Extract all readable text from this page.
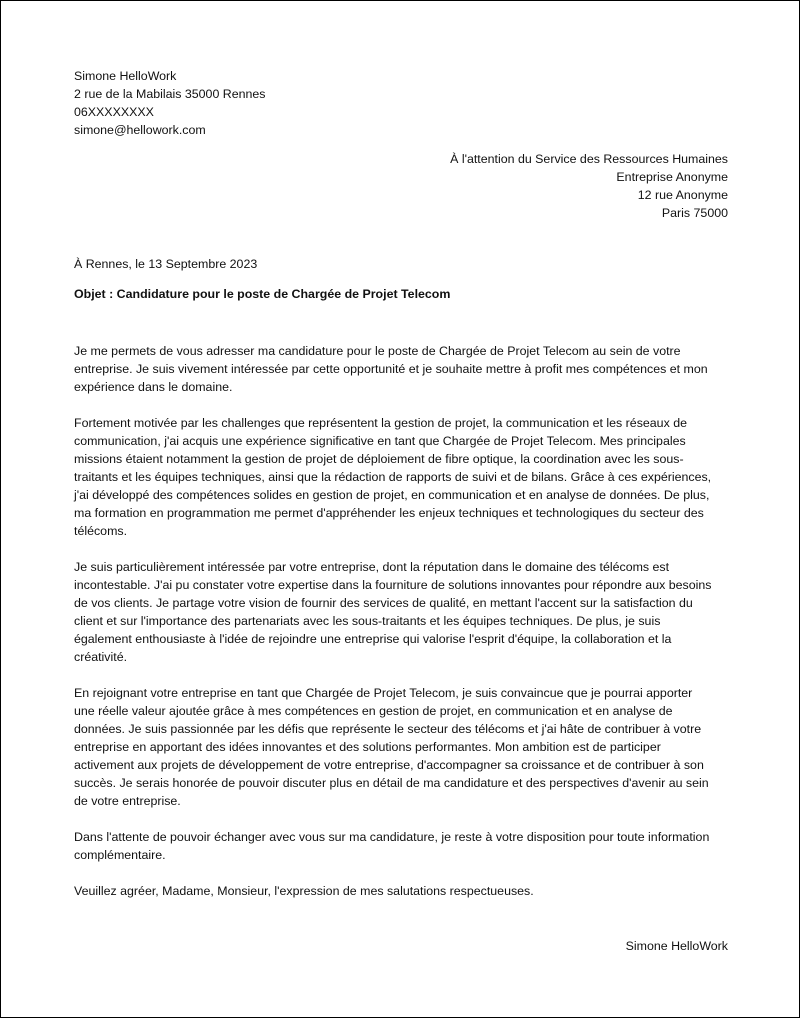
Simone HelloWork
2 rue de la Mabilais 35000 Rennes
06XXXXXXXX
simone@hellowork.com
À l'attention du Service des Ressources Humaines
Entreprise Anonyme
12 rue Anonyme
Paris 75000
À Rennes, le 13 Septembre 2023
Objet : Candidature pour le poste de Chargée de Projet Telecom

Je me permets de vous adresser ma candidature pour le poste de Chargée de Projet Telecom au sein de votre entreprise. Je suis vivement intéressée par cette opportunité et je souhaite mettre à profit mes compétences et mon expérience dans le domaine.

Fortement motivée par les challenges que représentent la gestion de projet, la communication et les réseaux de communication, j'ai acquis une expérience significative en tant que Chargée de Projet Telecom. Mes principales missions étaient notamment la gestion de projet de déploiement de fibre optique, la coordination avec les sous-traitants et les équipes techniques, ainsi que la rédaction de rapports de suivi et de bilans. Grâce à ces expériences, j'ai développé des compétences solides en gestion de projet, en communication et en analyse de données. De plus, ma formation en programmation me permet d'appréhender les enjeux techniques et technologiques du secteur des télécoms.

Je suis particulièrement intéressée par votre entreprise, dont la réputation dans le domaine des télécoms est incontestable. J'ai pu constater votre expertise dans la fourniture de solutions innovantes pour répondre aux besoins de vos clients. Je partage votre vision de fournir des services de qualité, en mettant l'accent sur la satisfaction du client et sur l'importance des partenariats avec les sous-traitants et les équipes techniques. De plus, je suis également enthousiaste à l'idée de rejoindre une entreprise qui valorise l'esprit d'équipe, la collaboration et la créativité.

En rejoignant votre entreprise en tant que Chargée de Projet Telecom, je suis convaincue que je pourrai apporter une réelle valeur ajoutée grâce à mes compétences en gestion de projet, en communication et en analyse de données. Je suis passionnée par les défis que représente le secteur des télécoms et j'ai hâte de contribuer à votre entreprise en apportant des idées innovantes et des solutions performantes. Mon ambition est de participer activement aux projets de développement de votre entreprise, d'accompagner sa croissance et de contribuer à son succès. Je serais honorée de pouvoir discuter plus en détail de ma candidature et des perspectives d'avenir au sein de votre entreprise.

Dans l'attente de pouvoir échanger avec vous sur ma candidature, je reste à votre disposition pour toute information complémentaire.

Veuillez agréer, Madame, Monsieur, l'expression de mes salutations respectueuses.

Simone HelloWork
